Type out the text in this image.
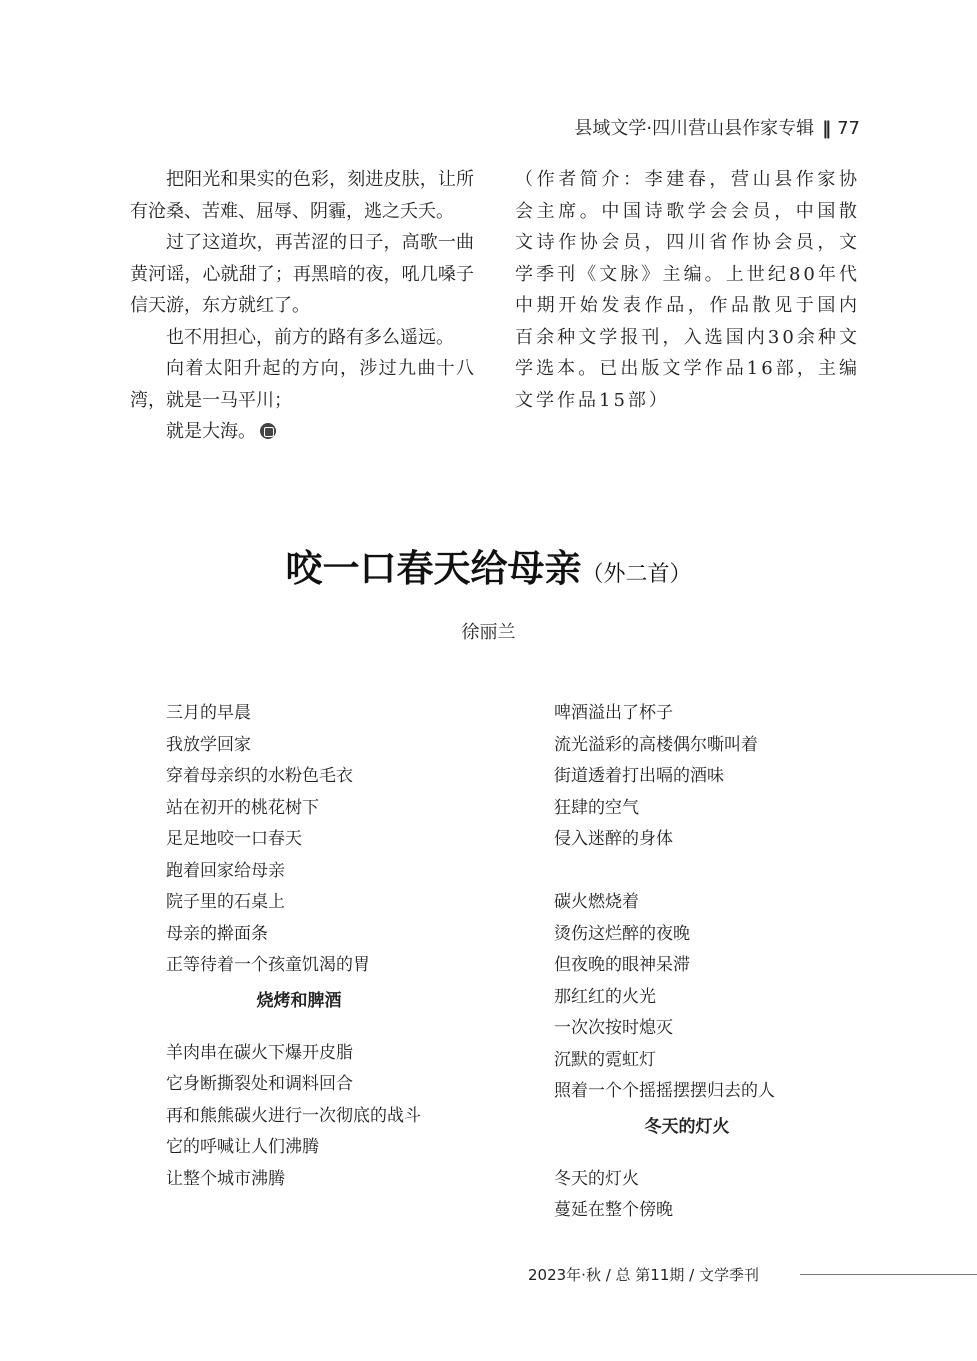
县域文学·四川营山县作家专辑 ‖ 77

把阳光和果实的色彩，刻进皮肤，让所有沧桑、苦难、屈辱、阴霾，逃之夭夭。

过了这道坎，再苦涩的日子，高歌一曲黄河谣，心就甜了；再黑暗的夜，吼几嗓子信天游，东方就红了。

也不用担心，前方的路有多么遥远。

向着太阳升起的方向，涉过九曲十八湾，就是一马平川；

就是大海。

（作者简介：李建春，营山县作家协会主席。中国诗歌学会会员，中国散文诗作协会员，四川省作协会员，文学季刊《文脉》主编。上世纪80年代中期开始发表作品，作品散见于国内百余种文学报刊，入选国内30余种文学选本。已出版文学作品16部，主编文学作品15部）

咬一口春天给母亲（外二首）
徐丽兰
三月的早晨
我放学回家
穿着母亲织的水粉色毛衣
站在初开的桃花树下
足足地咬一口春天
跑着回家给母亲
院子里的石桌上
母亲的擀面条
正等待着一个孩童饥渴的胃
烧烤和脾酒
羊肉串在碳火下爆开皮脂
它身断撕裂处和调料回合
再和熊熊碳火进行一次彻底的战斗
它的呼喊让人们沸腾
让整个城市沸腾
啤酒溢出了杯子
流光溢彩的高楼偶尔嘶叫着
街道透着打出嗝的酒味
狂肆的空气
侵入迷醉的身体
碳火燃烧着
烫伤这烂醉的夜晚
但夜晚的眼神呆滞
那红红的火光
一次次按时熄灭
沉默的霓虹灯
照着一个个摇摇摆摆归去的人
冬天的灯火
冬天的灯火
蔓延在整个傍晚
2023年·秋 / 总 第11期 / 文学季刊
